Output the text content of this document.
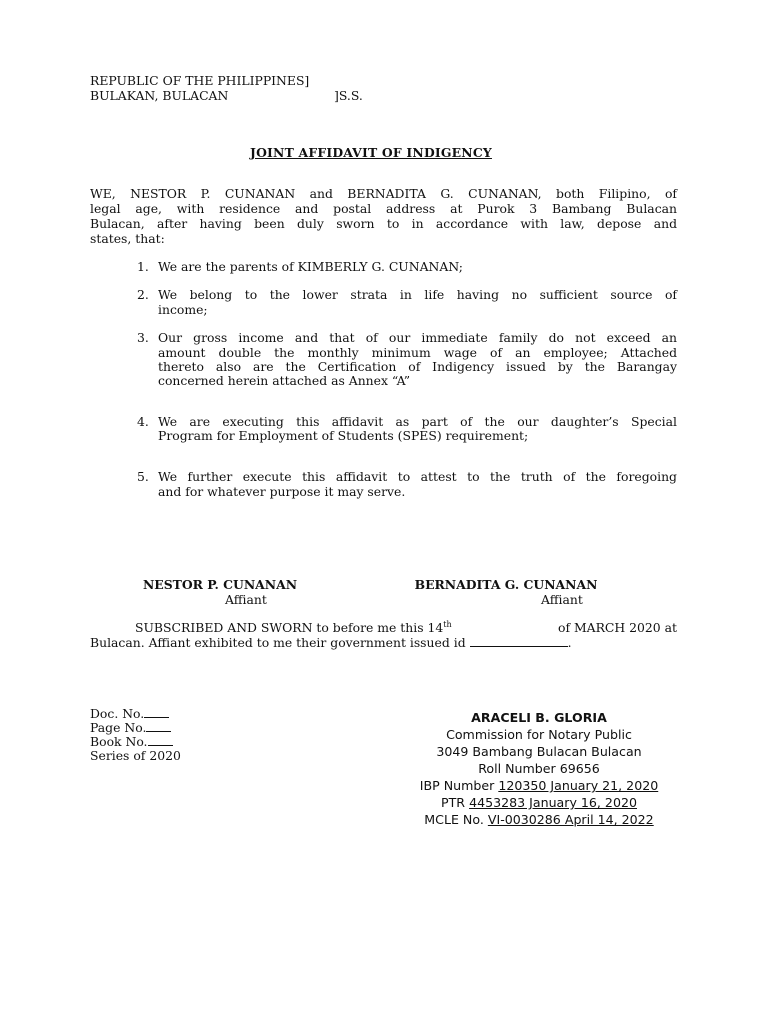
REPUBLIC OF THE PHILIPPINES]
BULAKAN, BULACAN	]S.S.
JOINT AFFIDAVIT OF INDIGENCY
WE, NESTOR P. CUNANAN and BERNADITA G. CUNANAN, both Filipino, of
legal age, with residence and postal address at Purok 3 Bambang Bulacan
Bulacan, after having been duly sworn to in accordance with law, depose and
states, that:
1. We are the parents of KIMBERLY G. CUNANAN;
2. We belong to the lower strata in life having no sufficient source of
income;
3. Our gross income and that of our immediate family do not exceed an
amount double the monthly minimum wage of an employee; Attached
thereto also are the Certification of Indigency issued by the Barangay
concerned herein attached as Annex “A”
4. We are executing this affidavit as part of the our daughter’s Special
Program for Employment of Students (SPES) requirement;
5. We further execute this affidavit to attest to the truth of the foregoing
and for whatever purpose it may serve.
NESTOR P. CUNANAN
Affiant
BERNADITA G. CUNANAN
Affiant
SUBSCRIBED AND SWORN to before me this 14th	of MARCH 2020 at
Bulacan. Affiant exhibited to me their government issued id	.
Doc. No.
Page No.
Book No.
Series of 2020
ARACELI B. GLORIA
Commission for Notary Public
3049 Bambang Bulacan Bulacan
Roll Number 69656
IBP Number 120350 January 21, 2020
PTR 4453283 January 16, 2020
MCLE No. VI-0030286 April 14, 2022
